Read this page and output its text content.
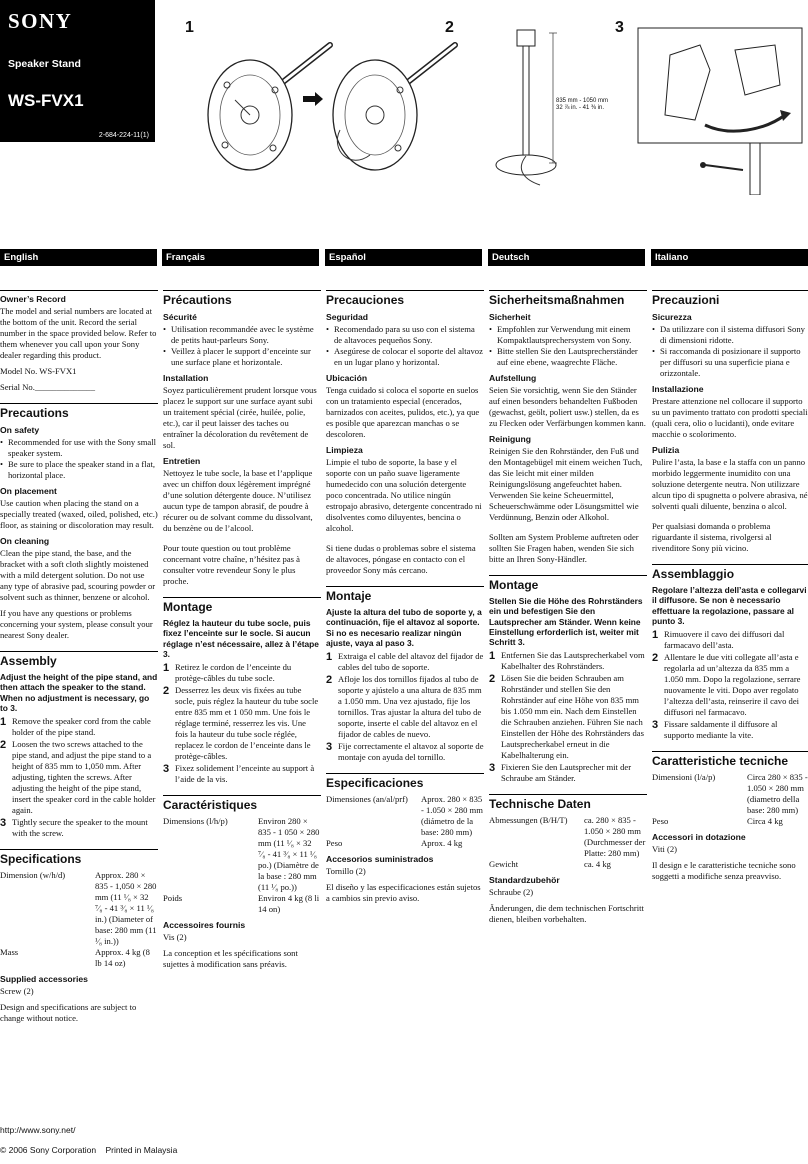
SONY
Speaker Stand
WS-FVX1
2-684-224-11(1)
1	2	3
835 mm - 1050 mm
32 ⅞ in. - 41 ⅜ in.
English	Français	Español	Deutsch	Italiano
Owner’s Record

The model and serial numbers are located at the bottom of the unit. Record the serial number in the space provided below. Refer to them whenever you call upon your Sony dealer regarding this product.

Model No. WS-FVX1

Serial No.______________

Precautions
On safety
• Recommended for use with the Sony small speaker system.
• Be sure to place the speaker stand in a flat, horizontal place.
On placement

Use caution when placing the stand on a specially treated (waxed, oiled, polished, etc.) floor, as staining or discoloration may result.

On cleaning

Clean the pipe stand, the base, and the bracket with a soft cloth slightly moistened with a mild detergent solution. Do not use any type of abrasive pad, scouring powder or solvent such as thinner, benzene or alcohol.

If you have any questions or problems concerning your system, please consult your nearest Sony dealer.

Assembly
Adjust the height of the pipe stand, and then attach the speaker to the stand. When no adjustment is necessary, go to 3.
1 Remove the speaker cord from the cable holder of the pipe stand.
2 Loosen the two screws attached to the pipe stand, and adjust the pipe stand to a height of 835 mm to 1,050 mm. After adjusting, tighten the screws. After adjusting the height of the pipe stand, insert the speaker cord in the cable holder again.
3 Tightly secure the speaker to the mount with the screw.
Specifications
Dimension (w/h/d)	Approx. 280 × 835 - 1,050 × 280 mm (11 ¹⁄₈ × 32 ⁷⁄₈ - 41 ³⁄₈ × 11 ¹⁄₈ in.) (Diameter of base: 280 mm (11 ¹⁄₈ in.))
Mass	Approx. 4 kg (8 lb 14 oz)
Supplied accessories

Screw (2)

Design and specifications are subject to change without notice.

Précautions
Sécurité
• Utilisation recommandée avec le système de petits haut-parleurs Sony.
• Veillez à placer le support d’enceinte sur une surface plane et horizontale.
Installation

Soyez particulièrement prudent lorsque vous placez le support sur une surface ayant subi un traitement spécial (cirée, huilée, polie, etc.), car il peut laisser des taches ou entraîner la décoloration du revêtement de sol.

Entretien

Nettoyez le tube socle, la base et l’applique avec un chiffon doux légèrement imprégné d’une solution détergente douce. N’utilisez aucun type de tampon abrasif, de poudre à récurer ou de solvant comme du dissolvant, du benzène ou de l’alcool.

Pour toute question ou tout problème concernant votre chaîne, n’hésitez pas à consulter votre revendeur Sony le plus proche.

Montage
Réglez la hauteur du tube socle, puis fixez l’enceinte sur le socle. Si aucun réglage n’est nécessaire, allez à l’étape 3.
1 Retirez le cordon de l’enceinte du protège-câbles du tube socle.
2 Desserrez les deux vis fixées au tube socle, puis réglez la hauteur du tube socle entre 835 mm et 1 050 mm. Une fois le réglage terminé, resserrez les vis. Une fois la hauteur du tube socle réglée, replacez le cordon de l’enceinte dans le protège-câbles.
3 Fixez solidement l’enceinte au support à l’aide de la vis.
Caractéristiques
Dimensions (l/h/p)	Environ 280 × 835 - 1 050 × 280 mm (11 ¹⁄₈ × 32 ⁷⁄₈ - 41 ³⁄₈ × 11 ¹⁄₈ po.) (Diamètre de la base : 280 mm (11 ¹⁄₈ po.))
Poids	Environ 4 kg (8 li 14 on)
Accessoires fournis

Vis (2)

La conception et les spécifications sont sujettes à modification sans préavis.

Precauciones
Seguridad
• Recomendado para su uso con el sistema de altavoces pequeños Sony.
• Asegúrese de colocar el soporte del altavoz en un lugar plano y horizontal.
Ubicación

Tenga cuidado si coloca el soporte en suelos con un tratamiento especial (encerados, barnizados con aceites, pulidos, etc.), ya que es posible que aparezcan manchas o se descoloren.

Limpieza

Limpie el tubo de soporte, la base y el soporte con un paño suave ligeramente humedecido con una solución detergente poco concentrada. No utilice ningún estropajo abrasivo, detergente concentrado ni disolventes como diluyentes, bencina o alcohol.

Si tiene dudas o problemas sobre el sistema de altavoces, póngase en contacto con el proveedor Sony más cercano.

Montaje
Ajuste la altura del tubo de soporte y, a continuación, fije el altavoz al soporte. Si no es necesario realizar ningún ajuste, vaya al paso 3.
1 Extraiga el cable del altavoz del fijador de cables del tubo de soporte.
2 Afloje los dos tornillos fijados al tubo de soporte y ajústelo a una altura de 835 mm a 1.050 mm. Una vez ajustado, fije los tornillos. Tras ajustar la altura del tubo de soporte, inserte el cable del altavoz en el fijador de cables de nuevo.
3 Fije correctamente el altavoz al soporte de montaje con ayuda del tornillo.
Especificaciones
Dimensiones (an/al/prf)	Aprox. 280 × 835 - 1.050 × 280 mm (diámetro de la base: 280 mm)
Peso	Aprox. 4 kg
Accesorios suministrados

Tornillo (2)

El diseño y las especificaciones están sujetos a cambios sin previo aviso.

Sicherheitsmaßnahmen
Sicherheit
• Empfohlen zur Verwendung mit einem Kompaktlautsprechersystem von Sony.
• Bitte stellen Sie den Lautsprecherständer auf eine ebene, waagrechte Fläche.
Aufstellung

Seien Sie vorsichtig, wenn Sie den Ständer auf einen besonders behandelten Fußboden (gewachst, geölt, poliert usw.) stellen, da es zu Flecken oder Verfärbungen kommen kann.

Reinigung

Reinigen Sie den Rohrständer, den Fuß und den Montagebügel mit einem weichen Tuch, das Sie leicht mit einer milden Reinigungslösung angefeuchtet haben. Verwenden Sie keine Scheuermittel, Scheuerschwämme oder Lösungsmittel wie Verdünnung, Benzin oder Alkohol.

Sollten am System Probleme auftreten oder sollten Sie Fragen haben, wenden Sie sich bitte an Ihren Sony-Händler.

Montage
Stellen Sie die Höhe des Rohrständers ein und befestigen Sie den Lautsprecher am Ständer. Wenn keine Einstellung erforderlich ist, weiter mit Schritt 3.
1 Entfernen Sie das Lautsprecherkabel vom Kabelhalter des Rohrständers.
2 Lösen Sie die beiden Schrauben am Rohrständer und stellen Sie den Rohrständer auf eine Höhe von 835 mm bis 1.050 mm ein. Nach dem Einstellen die Schrauben anziehen. Führen Sie nach Einstellen der Höhe des Rohrständers das Lautsprecherkabel erneut in die Kabelhalterung ein.
3 Fixieren Sie den Lautsprecher mit der Schraube am Ständer.
Technische Daten
Abmessungen (B/H/T)	ca. 280 × 835 - 1.050 × 280 mm (Durchmesser der Platte: 280 mm)
Gewicht	ca. 4 kg
Standardzubehör

Schraube (2)

Änderungen, die dem technischen Fortschritt dienen, bleiben vorbehalten.

Precauzioni
Sicurezza
• Da utilizzare con il sistema diffusori Sony di dimensioni ridotte.
• Si raccomanda di posizionare il supporto per diffusori su una superficie piana e orizzontale.
Installazione

Prestare attenzione nel collocare il supporto su un pavimento trattato con prodotti speciali (quali cera, olio o lucidanti), onde evitare macchie o scolorimento.

Pulizia

Pulire l’asta, la base e la staffa con un panno morbido leggermente inumidito con una soluzione detergente neutra. Non utilizzare alcun tipo di spugnetta o polvere abrasiva, né solventi quali diluente, benzina o alcol.

Per qualsiasi domanda o problema riguardante il sistema, rivolgersi al rivenditore Sony più vicino.

Assemblaggio
Regolare l’altezza dell’asta e collegarvi il diffusore. Se non è necessario effettuare la regolazione, passare al punto 3.
1 Rimuovere il cavo dei diffusori dal farmacavo dell’asta.
2 Allentare le due viti collegate all’asta e regolarla ad un’altezza da 835 mm a 1.050 mm. Dopo la regolazione, serrare nuovamente le viti. Dopo aver regolato l’altezza dell’asta, reinserire il cavo dei diffusori nel farmacavo.
3 Fissare saldamente il diffusore al supporto mediante la vite.
Caratteristiche tecniche
Dimensioni (l/a/p)	Circa 280 × 835 - 1.050 × 280 mm (diametro della base: 280 mm)
Peso	Circa 4 kg
Accessori in dotazione

Viti (2)

Il design e le caratteristiche tecniche sono soggetti a modifiche senza preavviso.

http://www.sony.net/
© 2006 Sony Corporation    Printed in Malaysia
